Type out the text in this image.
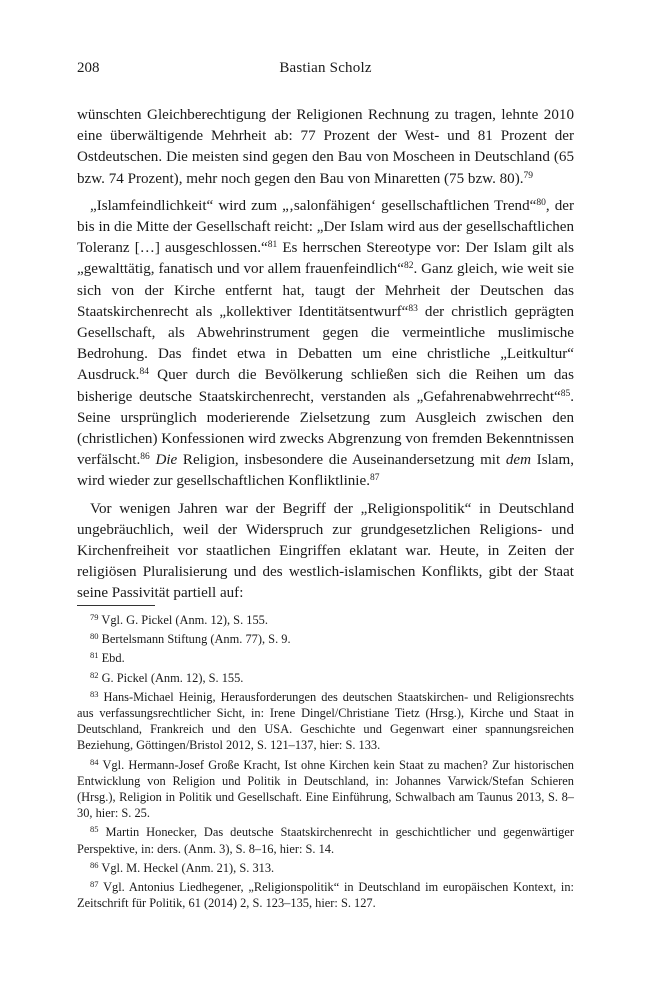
208	Bastian Scholz

wünschten Gleichberechtigung der Religionen Rechnung zu tragen, lehnte 2010 eine überwältigende Mehrheit ab: 77 Prozent der West- und 81 Prozent der Ostdeutschen. Die meisten sind gegen den Bau von Moscheen in Deutschland (65 bzw. 74 Prozent), mehr noch gegen den Bau von Minaretten (75 bzw. 80).$^{79}$

„Islamfeindlichkeit“ wird zum „‚salonfähigen‘ gesellschaftlichen Trend“$^{80}$, der bis in die Mitte der Gesellschaft reicht: „Der Islam wird aus der gesellschaftlichen Toleranz […] ausgeschlossen.“$^{81}$ Es herrschen Stereotype vor: Der Islam gilt als „gewalttätig, fanatisch und vor allem frauenfeindlich“$^{82}$. Ganz gleich, wie weit sie sich von der Kirche entfernt hat, taugt der Mehrheit der Deutschen das Staatskirchenrecht als „kollektiver Identitätsentwurf“$^{83}$ der christlich geprägten Gesellschaft, als Abwehrinstrument gegen die vermeintliche muslimische Bedrohung. Das findet etwa in Debatten um eine christliche „Leitkultur“ Ausdruck.$^{84}$ Quer durch die Bevölkerung schließen sich die Reihen um das bisherige deutsche Staatskirchenrecht, verstanden als „Gefahrenabwehrrecht“$^{85}$. Seine ursprünglich moderierende Zielsetzung zum Ausgleich zwischen den (christlichen) Konfessionen wird zwecks Abgrenzung von fremden Bekenntnissen verfälscht.$^{86}$ Die Religion, insbesondere die Auseinandersetzung mit dem Islam, wird wieder zur gesellschaftlichen Konfliktlinie.$^{87}$

Vor wenigen Jahren war der Begriff der „Religionspolitik“ in Deutschland ungebräuchlich, weil der Widerspruch zur grundgesetzlichen Religions- und Kirchenfreiheit vor staatlichen Eingriffen eklatant war. Heute, in Zeiten der religiösen Pluralisierung und des westlich-islamischen Konflikts, gibt der Staat seine Passivität partiell auf:

$^{79}$ Vgl. G. Pickel (Anm. 12), S. 155.

$^{80}$ Bertelsmann Stiftung (Anm. 77), S. 9.

$^{81}$ Ebd.

$^{82}$ G. Pickel (Anm. 12), S. 155.

$^{83}$ Hans-Michael Heinig, Herausforderungen des deutschen Staatskirchen- und Religionsrechts aus verfassungsrechtlicher Sicht, in: Irene Dingel/Christiane Tietz (Hrsg.), Kirche und Staat in Deutschland, Frankreich und den USA. Geschichte und Gegenwart einer spannungsreichen Beziehung, Göttingen/Bristol 2012, S. 121–137, hier: S. 133.

$^{84}$ Vgl. Hermann-Josef Große Kracht, Ist ohne Kirchen kein Staat zu machen? Zur historischen Entwicklung von Religion und Politik in Deutschland, in: Johannes Varwick/Stefan Schieren (Hrsg.), Religion in Politik und Gesellschaft. Eine Einführung, Schwalbach am Taunus 2013, S. 8–30, hier: S. 25.

$^{85}$ Martin Honecker, Das deutsche Staatskirchenrecht in geschichtlicher und gegenwärtiger Perspektive, in: ders. (Anm. 3), S. 8–16, hier: S. 14.

$^{86}$ Vgl. M. Heckel (Anm. 21), S. 313.

$^{87}$ Vgl. Antonius Liedhegener, „Religionspolitik“ in Deutschland im europäischen Kontext, in: Zeitschrift für Politik, 61 (2014) 2, S. 123–135, hier: S. 127.
